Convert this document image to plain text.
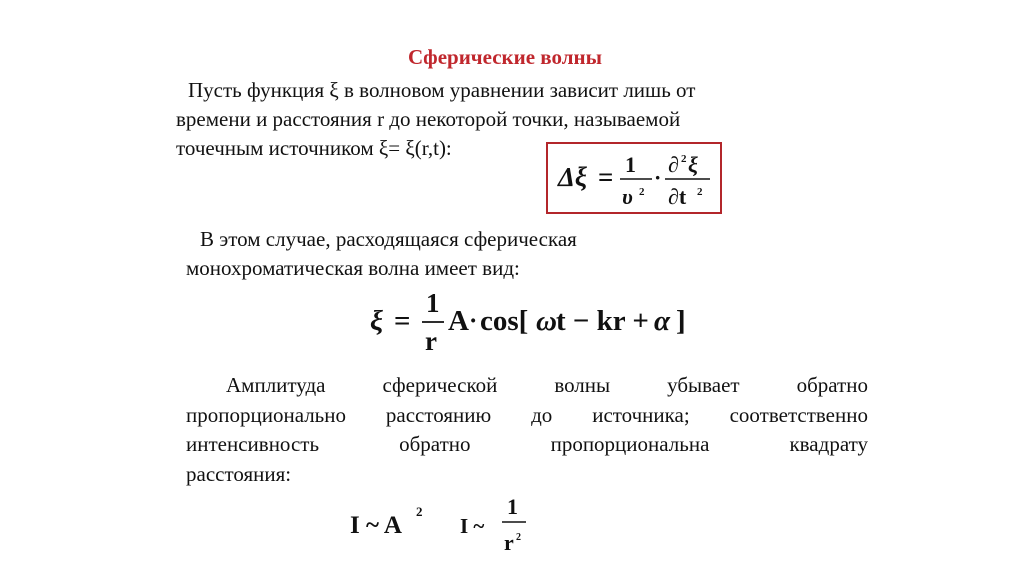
Сферические волны
Пусть функция ξ в волновом уравнении зависит лишь от
времени и расстояния r до некоторой точки, называемой
точечным источником ξ= ξ(r,t):
Δξ = 1
υ 2
·
∂ 2 ξ
∂t 2
В этом случае, расходящаяся сферическая
монохроматическая волна имеет вид:
ξ =
1
r
A · cos[ ω t − kr + α ]
Амплитуда	сферической	волны	убывает	обратно
пропорционально расстоянию до источника; соответственно
интенсивность	обратно	пропорциональна	квадрату
расстояния:
I ~ A
2
I ~
1
r 2
